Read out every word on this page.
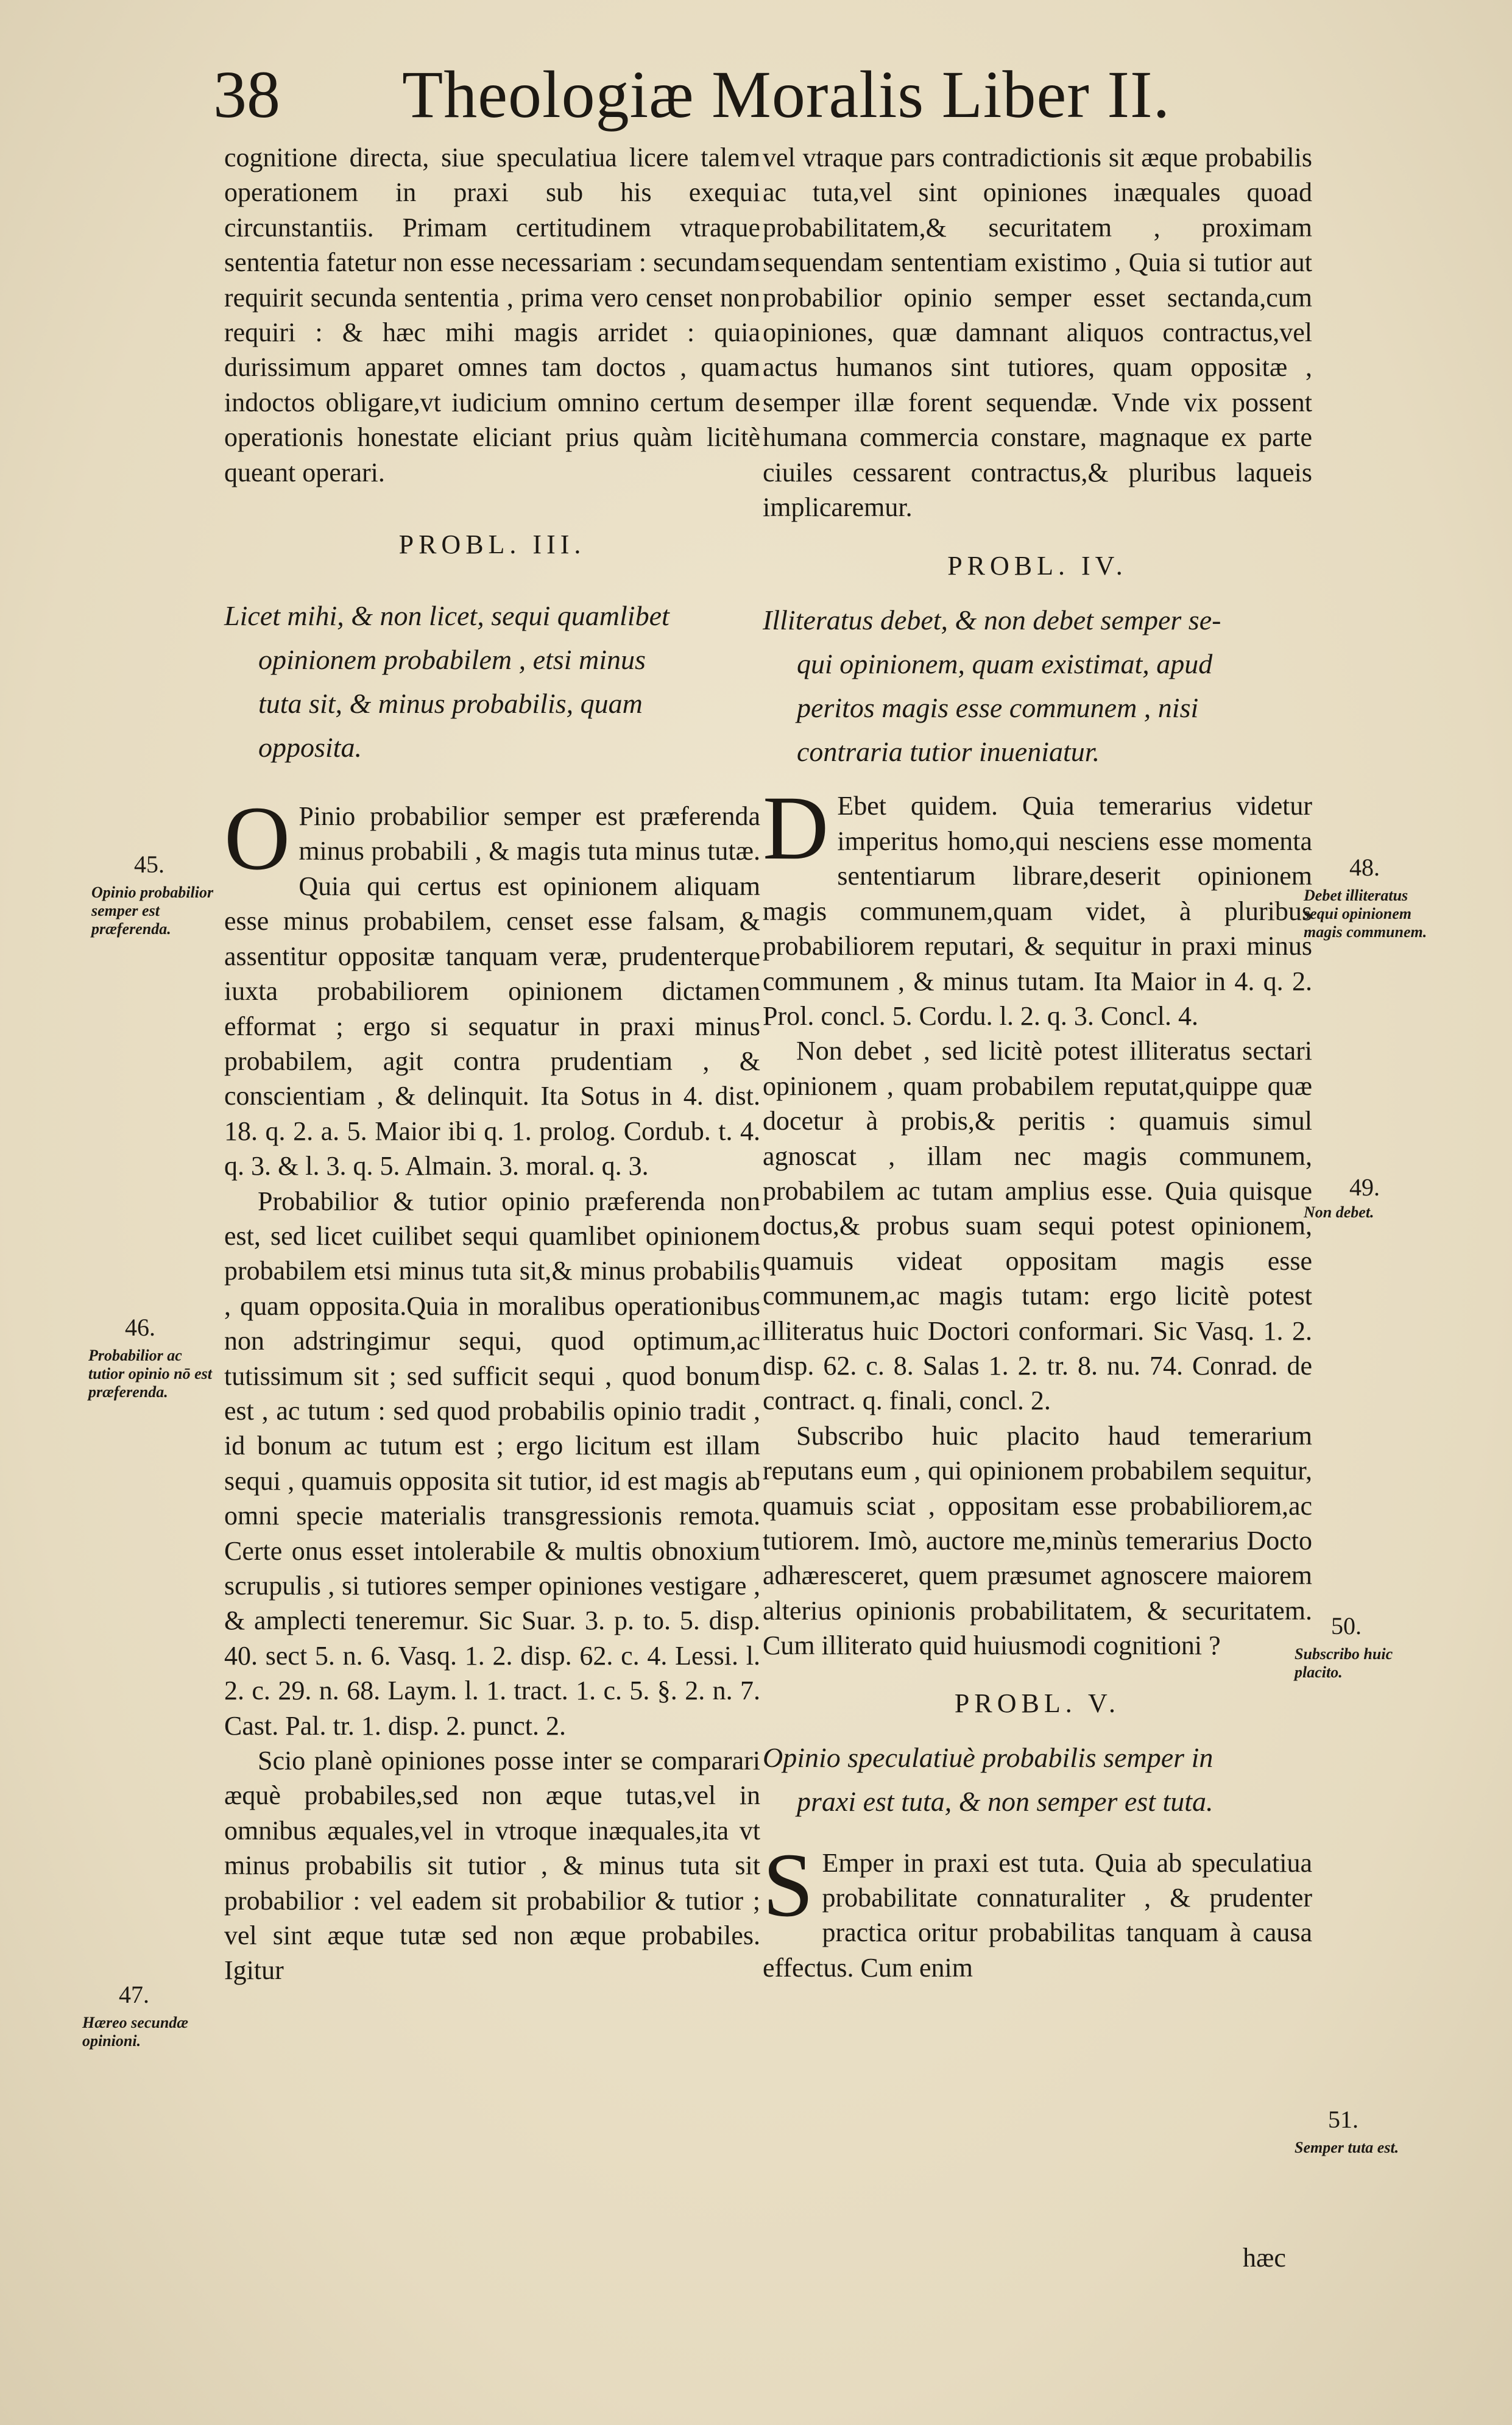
38 Theologiæ Moralis Liber II.

cognitione directa, siue speculatiua licere talem operationem in praxi sub his exequi circunstantiis. Primam certitudinem vtraque sententia fatetur non esse necessariam : secundam requirit secunda sententia , prima vero censet non requiri : & hæc mihi magis arridet : quia durissimum apparet omnes tam doctos , quam indoctos obligare,vt iudicium omnino certum de operationis honestate eliciant prius quàm licitè queant operari.

PROBL. III.

Licet mihi, & non licet, sequi quamlibet
opinionem probabilem , etsi minus
tuta sit, & minus probabilis, quam
opposita.

O Pinio probabilior semper est præferenda minus probabili , & magis tuta minus tutæ. Quia qui certus est opinionem aliquam esse minus probabilem, censet esse falsam, & assentitur oppositæ tanquam veræ, prudenterque iuxta probabiliorem opinionem dictamen efformat ; ergo si sequatur in praxi minus probabilem, agit contra prudentiam , & conscientiam , & delinquit. Ita Sotus in 4. dist. 18. q. 2. a. 5. Maior ibi q. 1. prolog. Cordub. t. 4. q. 3. & l. 3. q. 5. Almain. 3. moral. q. 3.

Probabilior & tutior opinio præferenda non est, sed licet cuilibet sequi quamlibet opinionem probabilem etsi minus tuta sit,& minus probabilis , quam opposita.Quia in moralibus operationibus non adstringimur sequi, quod optimum,ac tutissimum sit ; sed sufficit sequi , quod bonum est , ac tutum : sed quod probabilis opinio tradit , id bonum ac tutum est ; ergo licitum est illam sequi , quamuis opposita sit tutior, id est magis ab omni specie materialis transgressionis remota. Certe onus esset intolerabile & multis obnoxium scrupulis , si tutiores semper opiniones vestigare , & amplecti teneremur. Sic Suar. 3. p. to. 5. disp. 40. sect 5. n. 6. Vasq. 1. 2. disp. 62. c. 4. Lessi. l. 2. c. 29. n. 68. Laym. l. 1. tract. 1. c. 5. §. 2. n. 7. Cast. Pal. tr. 1. disp. 2. punct. 2.

Scio planè opiniones posse inter se comparari æquè probabiles,sed non æque tutas,vel in omnibus æquales,vel in vtroque inæquales,ita vt minus probabilis sit tutior , & minus tuta sit probabilior : vel eadem sit probabilior & tutior ; vel sint æque tutæ sed non æque probabiles. Igitur

vel vtraque pars contradictionis sit æque probabilis ac tuta,vel sint opiniones inæquales quoad probabilitatem,& securitatem , proximam sequendam sententiam existimo , Quia si tutior aut probabilior opinio semper esset sectanda,cum opiniones, quæ damnant aliquos contractus,vel actus humanos sint tutiores, quam oppositæ , semper illæ forent sequendæ. Vnde vix possent humana commercia constare, magnaque ex parte ciuiles cessarent contractus,& pluribus laqueis implicaremur.

PROBL. IV.

Illiteratus debet, & non debet semper se-
qui opinionem, quam existimat, apud
peritos magis esse communem , nisi
contraria tutior inueniatur.

D Ebet quidem. Quia temerarius videtur imperitus homo,qui nesciens esse momenta sententiarum librare,deserit opinionem magis communem,quam videt, à pluribus probabiliorem reputari, & sequitur in praxi minus communem , & minus tutam. Ita Maior in 4. q. 2. Prol. concl. 5. Cordu. l. 2. q. 3. Concl. 4.

Non debet , sed licitè potest illiteratus sectari opinionem , quam probabilem reputat,quippe quæ docetur à probis,& peritis : quamuis simul agnoscat , illam nec magis communem, probabilem ac tutam amplius esse. Quia quisque doctus,& probus suam sequi potest opinionem, quamuis videat oppositam magis esse communem,ac magis tutam: ergo licitè potest illiteratus huic Doctori conformari. Sic Vasq. 1. 2. disp. 62. c. 8. Salas 1. 2. tr. 8. nu. 74. Conrad. de contract. q. finali, concl. 2.

Subscribo huic placito haud temerarium reputans eum , qui opinionem probabilem sequitur, quamuis sciat , oppositam esse probabiliorem,ac tutiorem. Imò, auctore me,minùs temerarius Docto adhæresceret, quem præsumet agnoscere maiorem alterius opinionis probabilitatem, & securitatem. Cum illiterato quid huiusmodi cognitioni ?

PROBL. V.

Opinio speculatiuè probabilis semper in
praxi est tuta, & non semper est tuta.

S Emper in praxi est tuta. Quia ab speculatiua probabilitate connaturaliter , & prudenter practica oritur probabilitas tanquam à causa effectus. Cum enim

hæc
45.
Opinio probabilior semper est præferenda.
46.
Probabilior ac tutior opinio nō est præferenda.
47.
Hæreo secundæ opinioni.
48.
Debet illiteratus sequi opinionem magis communem.
49.
Non debet.
50.
Subscribo huic placito.
51.
Semper tuta est.
